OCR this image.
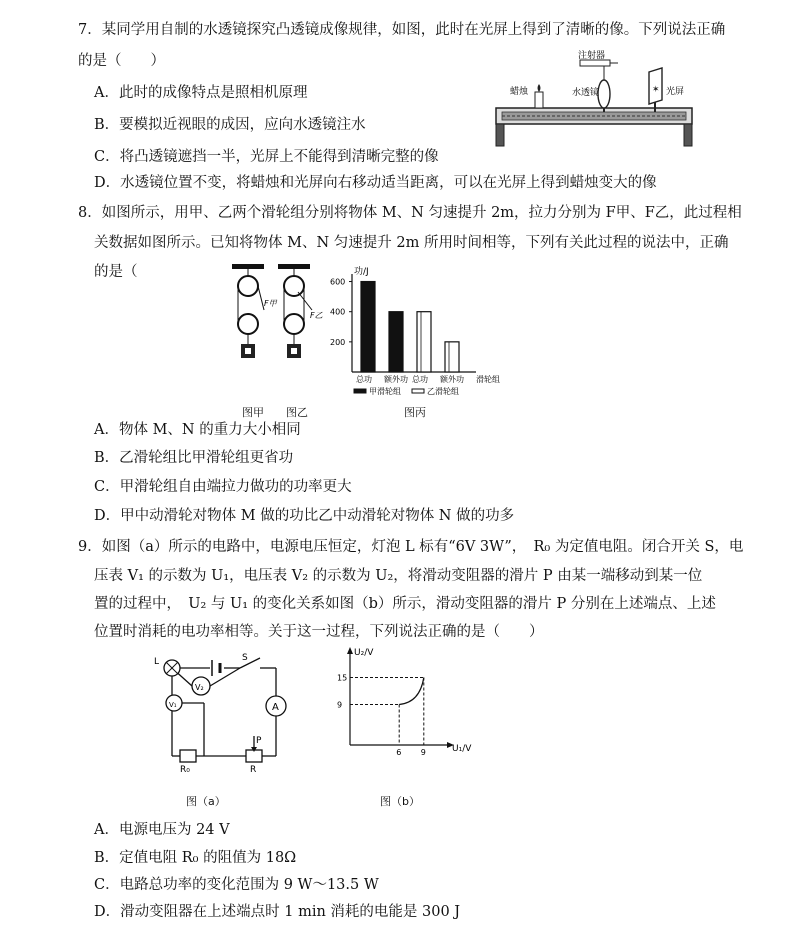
7．某同学用自制的水透镜探究凸透镜成像规律，如图，此时在光屏上得到了清晰的像。下列说法正确
的是（　　）
A．此时的成像特点是照相机原理
B．要模拟近视眼的成因，应向水透镜注水
C．将凸透镜遮挡一半，光屏上不能得到清晰完整的像
D．水透镜位置不变，将蜡烛和光屏向右移动适当距离，可以在光屏上得到蜡烛变大的像
✶
注射器
蜡烛	水透镜	光屏
8．如图所示，用甲、乙两个滑轮组分别将物体 M、N 匀速提升 2m，拉力分别为 F甲、F乙，此过程相
关数据如图所示。已知将物体 M、N 匀速提升 2m 所用时间相等，下列有关此过程的说法中，正确
的是（
F甲
F乙
图甲 图乙
功/J
滑轮组
200
400
600
总功 额外功 总功 额外功
甲滑轮组	乙滑轮组
图丙
A．物体 M、N 的重力大小相同
B．乙滑轮组比甲滑轮组更省功
C．甲滑轮组自由端拉力做功的功率更大
D．甲中动滑轮对物体 M 做的功比乙中动滑轮对物体 N 做的功多
9．如图（a）所示的电路中，电源电压恒定，灯泡 L 标有“6V 3W”，　R₀ 为定值电阻。闭合开关 S，电
压表 V₁ 的示数为 U₁，电压表 V₂ 的示数为 U₂，将滑动变阻器的滑片 P 由某一端移动到某一位
置的过程中，　U₂ 与 U₁ 的变化关系如图（b）所示，滑动变阻器的滑片 P 分别在上述端点、上述
位置时消耗的电功率相等。关于这一过程，下列说法正确的是（　　）
V₂
V₁	A
L	S
P
R
R₀
图（a）
U₂/V
U₁/V
9
15
6 9
图（b）
A．电源电压为 24 V
B．定值电阻 R₀ 的阻值为 18Ω
C．电路总功率的变化范围为 9 W～13.5 W
D．滑动变阻器在上述端点时 1 min 消耗的电能是 300 J
